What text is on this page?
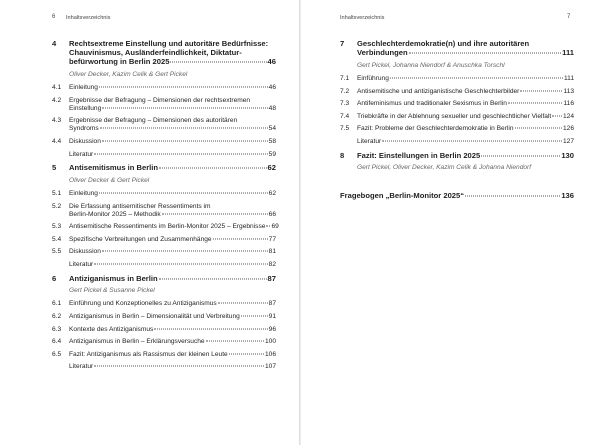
6 Inhaltsverzeichnis
4 Rechtsextreme Einstellung und autoritäre Bedürfnisse:
Chauvinismus, Ausländerfeindlichkeit, Diktatur-
befürwortung in Berlin 2025	46
Oliver Decker, Kazim Celik & Gert Pickel
4.1 Einleitung	46
4.2 Ergebnisse der Befragung – Dimensionen der rechtsextremen
Einstellung	48
4.3 Ergebnisse der Befragung – Dimensionen des autoritären
Syndroms	54
4.4 Diskussion	58
Literatur	59
5 Antisemitismus in Berlin	62
Oliver Decker & Gert Pickel
5.1 Einleitung	62
5.2 Die Erfassung antisemitischer Ressentiments im
Berlin-Monitor 2025 – Methodik	66
5.3 Antisemitische Ressentiments im Berlin-Monitor 2025 – Ergebnisse 69
5.4 Spezifische Verbreitungen und Zusammenhänge	77
5.5 Diskussion	81
Literatur	82
6 Antiziganismus in Berlin	87
Gert Pickel & Susanne Pickel
6.1 Einführung und Konzeptionelles zu Antiziganismus	87
6.2 Antiziganismus in Berlin – Dimensionalität und Verbreitung	91
6.3 Kontexte des Antiziganismus	96
6.4 Antiziganismus in Berlin – Erklärungsversuche	100
6.5 Fazit: Antiziganismus als Rassismus der kleinen Leute	106
Literatur	107
Inhaltsverzeichnis	7
7 Geschlechterdemokratie(n) und ihre autoritären
Verbindungen	111
Gert Pickel, Johanna Niendorf & Anuschka Torschl
7.1 Einführung	111
7.2 Antisemitische und antiziganistische Geschlechterbilder	113
7.3 Antifeminismus und traditionaler Sexismus in Berlin	116
7.4 Triebkräfte in der Ablehnung sexueller und geschlechtlicher Vielfalt 124
7.5 Fazit: Probleme der Geschlechterdemokratie in Berlin	126
Literatur	127
8 Fazit: Einstellungen in Berlin 2025	130
Gert Pickel, Oliver Decker, Kazim Celik & Johanna Niendorf
Fragebogen „Berlin-Monitor 2025“	136
